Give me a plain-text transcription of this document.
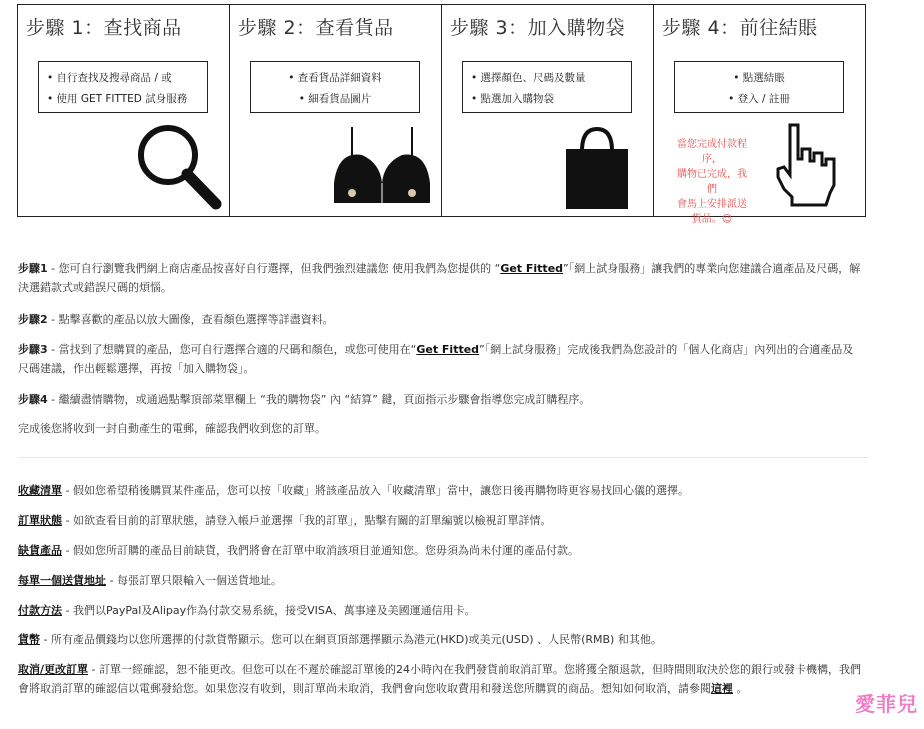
步驟 1：查找商品
• 自行查找及搜尋商品 / 或
• 使用 GET FITTED 試身服務
步驟 2：查看貨品
• 查看貨品詳細資料
• 細看貨品圖片
步驟 3：加入購物袋
• 選擇顏色、尺碼及數量
• 點選加入購物袋
步驟 4：前往結賬
• 點選結賬
• 登入 / 註冊
當您完成付款程序，
購物已完成，我們
會馬上安排派送
貨品。☺
步驟1 - 您可自行瀏覽我們網上商店產品按喜好自行選擇，但我們強烈建議您 使用我們為您提供的 “Get Fitted”「網上試身服務」讓我們的專業向您建議合適產品及尺碼，解決選錯款式或錯誤尺碼的煩惱。
步驟2 - 點擊喜歡的產品以放大圖像，查看顏色選擇等詳盡資料。
步驟3 - 當找到了想購買的產品，您可自行選擇合適的尺碼和顏色，或您可使用在“Get Fitted”「網上試身服務」完成後我們為您設計的「個人化商店」內列出的合適產品及尺碼建議，作出輕鬆選擇，再按「加入購物袋」。
步驟4 - 繼續盡情購物，或通過點擊頂部菜單欄上 “我的購物袋” 內 “結算” 鍵，頁面指示步驟會指導您完成訂購程序。
完成後您將收到一封自動產生的電郵，確認我們收到您的訂單。
收藏清單 - 假如您希望稍後購買某件產品，您可以按「收藏」將該產品放入「收藏清單」當中，讓您日後再購物時更容易找回心儀的選擇。
訂單狀態 - 如欲查看目前的訂單狀態，請登入帳戶並選擇「我的訂單」，點擊有關的訂單編號以檢視訂單詳情。
缺貨產品 - 假如您所訂購的產品目前缺貨，我們將會在訂單中取消該項目並通知您。您毋須為尚未付運的產品付款。
每單一個送貨地址 - 每張訂單只限輸入一個送貨地址。
付款方法 - 我們以PayPal及Alipay作為付款交易系統，接受VISA、萬事達及美國運通信用卡。
貨幣 - 所有產品價錢均以您所選擇的付款貨幣顯示。您可以在網頁頂部選擇顯示為港元(HKD)或美元(USD) 、人民幣(RMB) 和其他。
取消/更改訂單 - 訂單一經確認，恕不能更改。但您可以在不遲於確認訂單後的24小時內在我們發貨前取消訂單。您將獲全額退款，但時間則取決於您的銀行或發卡機構，我們會將取消訂單的確認信以電郵發給您。如果您沒有收到，則訂單尚未取消，我們會向您收取費用和發送您所購買的商品。想知如何取消，請參閱這裡 。
愛菲兒
